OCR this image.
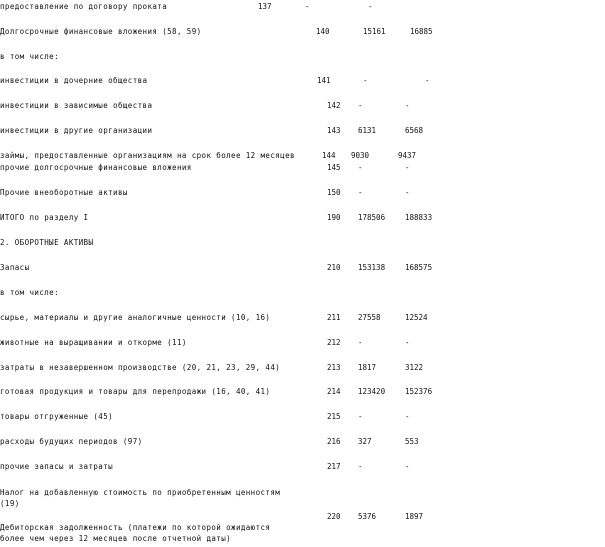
предоставление по договору проката	137	-	-
Долгосрочные финансовые вложения (58, 59)	140	15161	16885
в том числе:
инвестиции в дочерние общества	141	-	-
инвестиции в зависимые общества	142 -	-
инвестиции в другие организации	143 6131	6568
займы, предоставленные организациям на срок более 12 месяцев	144 9030	9437
прочие долгосрочные финансовые вложения	145 -	-
Прочие внеоборотные активы	150 -	-
ИТОГО по разделу I	190 178506	188833
2. ОБОРОТНЫЕ АКТИВЫ
Запасы	210 153138	168575
в том числе:
сырье, материалы и другие аналогичные ценности (10, 16)	211 27558	12524
животные на выращивании и откорме (11)	212 -	-
затраты в незавершенном производстве (20, 21, 23, 29, 44)	213 1817	3122
готовая продукция и товары для перепродажи (16, 40, 41)	214 123420	152376
товары отгруженные (45)	215 -	-
расходы будущих периодов (97)	216 327	553
прочие запасы и затраты	217 -	-
Налог на добавленную стоимость по приобретенным ценностям
(19)
220 5376	1897
Дебиторская задолженность (платежи по которой ожидаются
более чем через 12 месяцев после отчетной даты)
